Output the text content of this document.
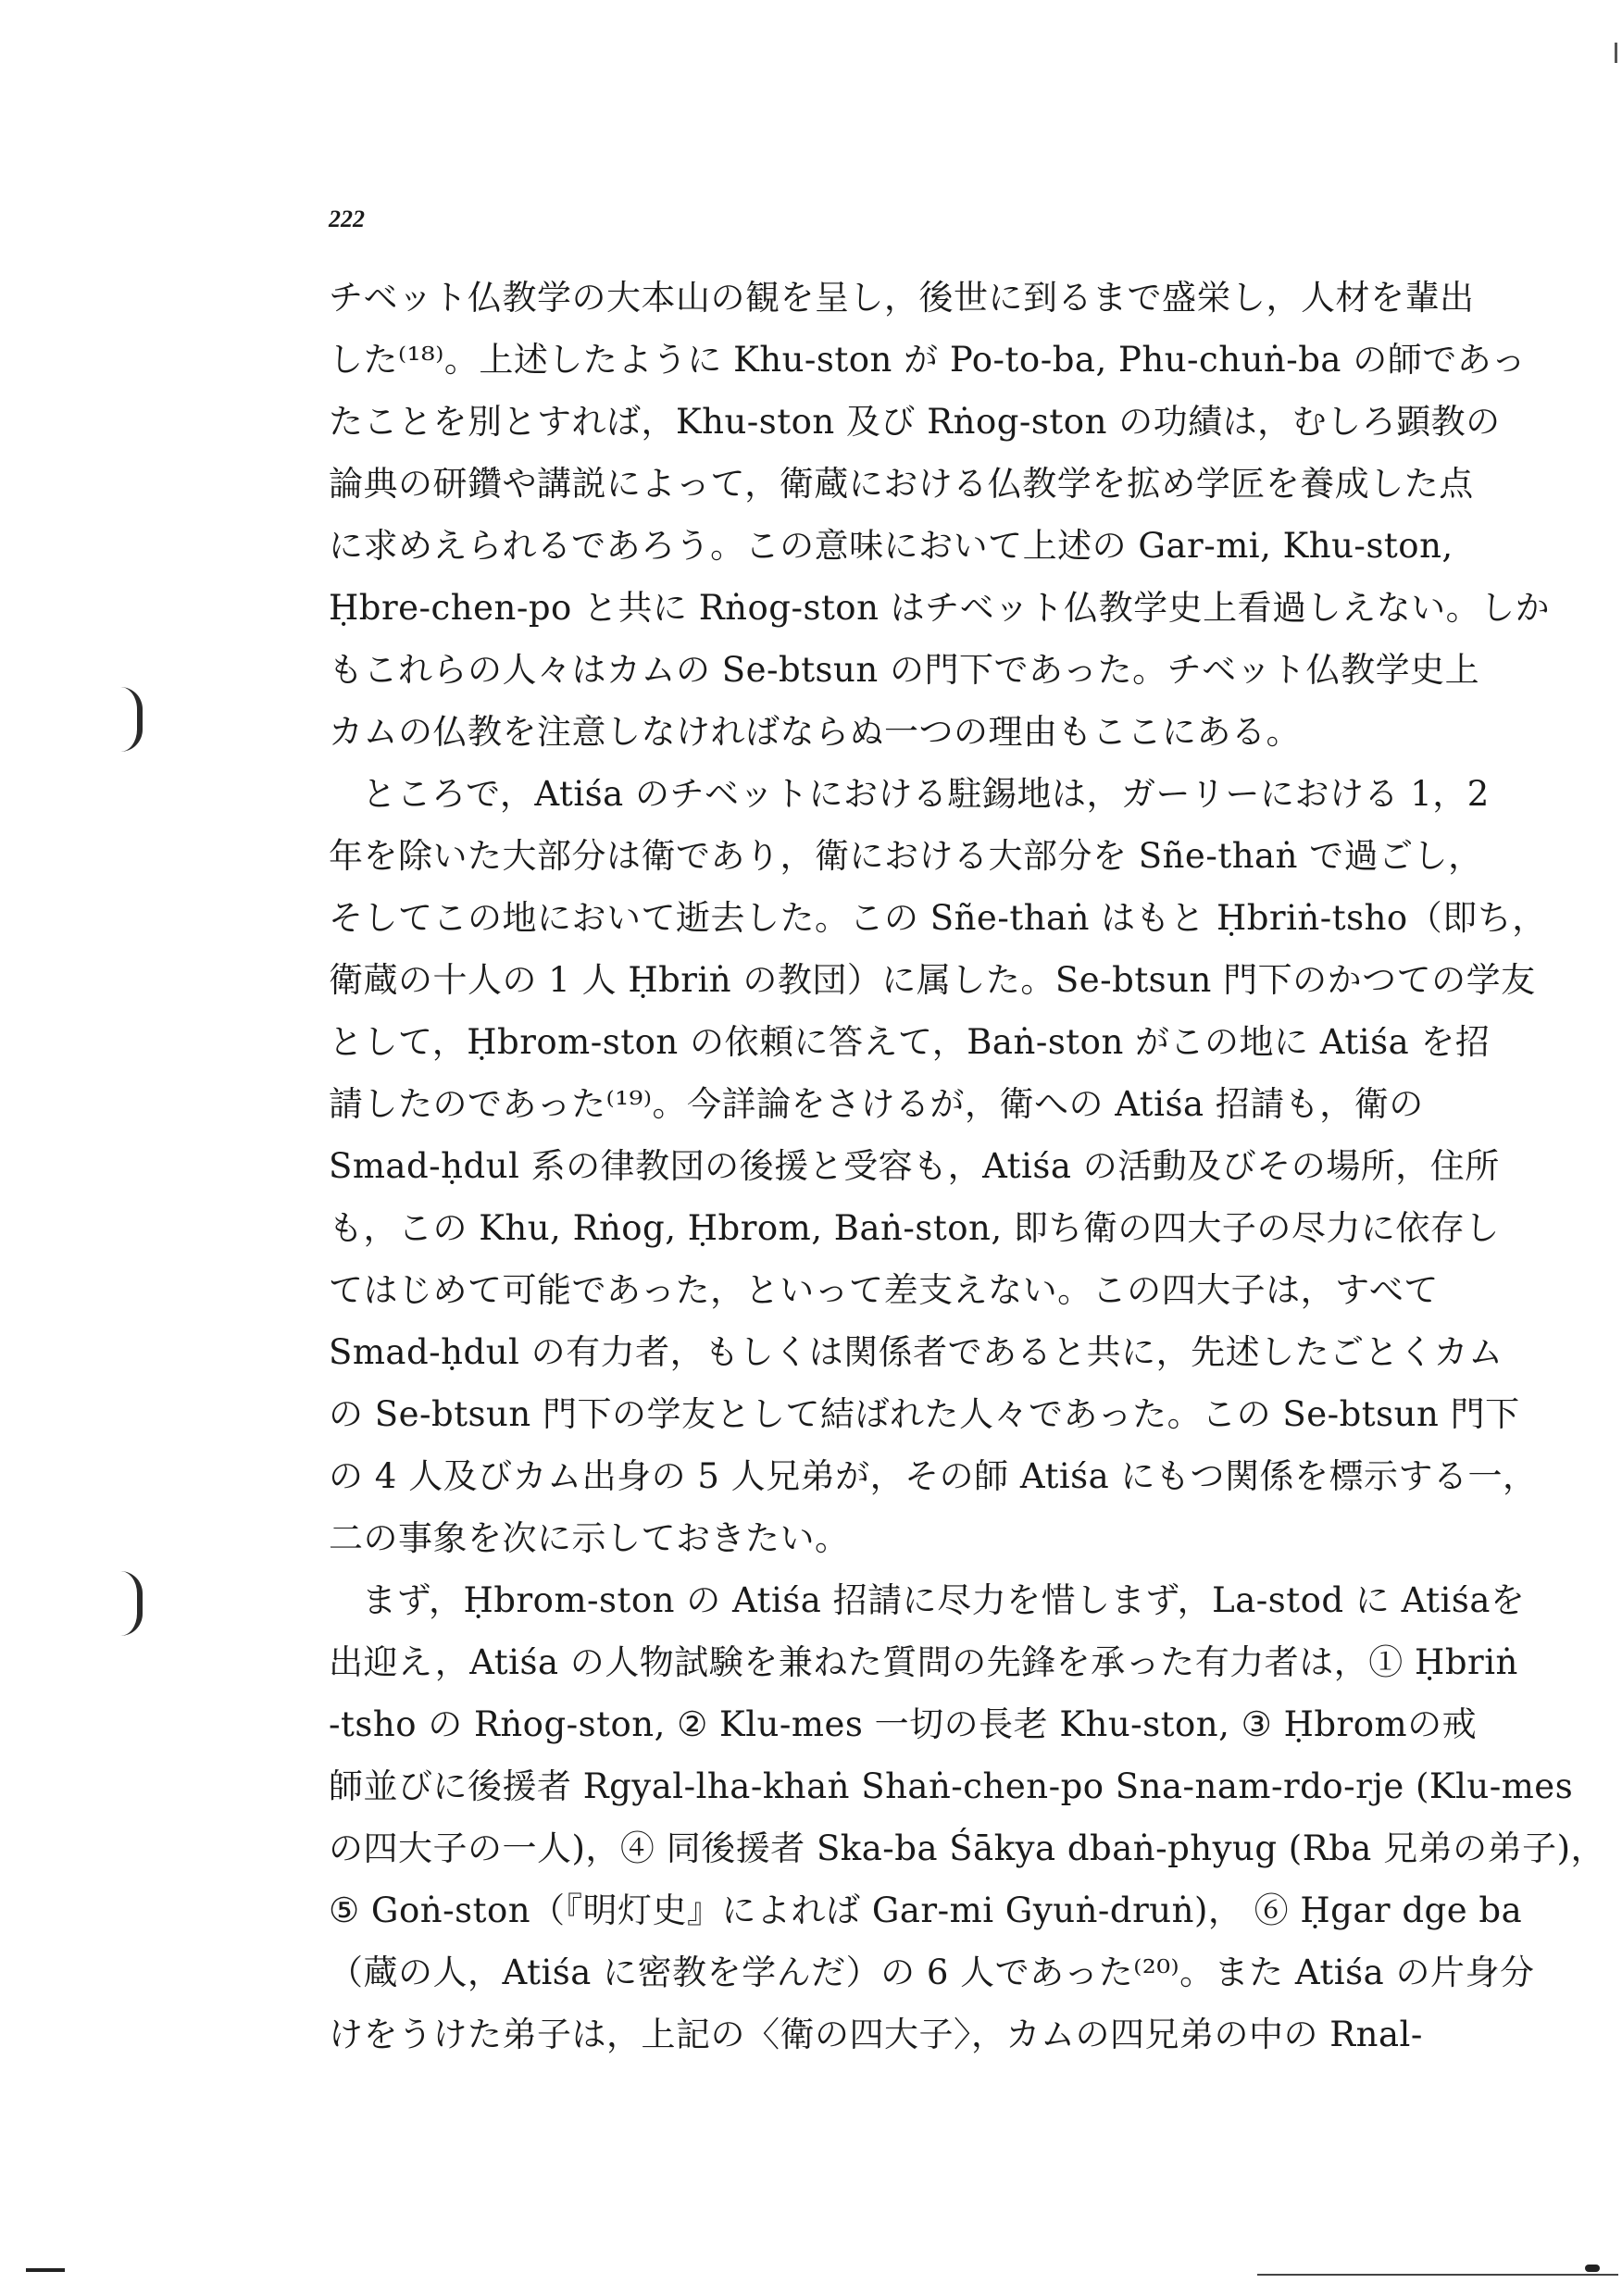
222
チベット仏教学の大本山の観を呈し，後世に到るまで盛栄し，人材を輩出
した⁽¹⁸⁾。上述したように Khu-ston が Po-to-ba, Phu-chuṅ-ba の師であっ
たことを別とすれば，Khu-ston 及び Rṅog-ston の功績は，むしろ顕教の
論典の研鑽や講説によって，衛蔵における仏教学を拡め学匠を養成した点
に求めえられるであろう。この意味において上述の Gar-mi, Khu-ston,
Ḥbre-chen-po と共に Rṅog-ston はチベット仏教学史上看過しえない。しか
もこれらの人々はカムの Se-btsun の門下であった。チベット仏教学史上
カムの仏教を注意しなければならぬ一つの理由もここにある。
ところで，Atiśa のチベットにおける駐錫地は，ガーリーにおける 1，2
年を除いた大部分は衛であり，衛における大部分を Sñe-thaṅ で過ごし，
そしてこの地において逝去した。この Sñe-thaṅ はもと Ḥbriṅ-tsho（即ち，
衛蔵の十人の 1 人 Ḥbriṅ の教団）に属した。Se-btsun 門下のかつての学友
として，Ḥbrom-ston の依頼に答えて，Baṅ-ston がこの地に Atiśa を招
請したのであった⁽¹⁹⁾。今詳論をさけるが，衛への Atiśa 招請も，衛の
Smad-ḥdul 系の律教団の後援と受容も，Atiśa の活動及びその場所，住所
も，この Khu, Rṅog, Ḥbrom, Baṅ-ston, 即ち衛の四大子の尽力に依存し
てはじめて可能であった，といって差支えない。この四大子は，すべて
Smad-ḥdul の有力者，もしくは関係者であると共に，先述したごとくカム
の Se-btsun 門下の学友として結ばれた人々であった。この Se-btsun 門下
の 4 人及びカム出身の 5 人兄弟が，その師 Atiśa にもつ関係を標示する一，
二の事象を次に示しておきたい。
まず，Ḥbrom-ston の Atiśa 招請に尽力を惜しまず，La-stod に Atiśaを
出迎え，Atiśa の人物試験を兼ねた質問の先鋒を承った有力者は，① Ḥbriṅ
-tsho の Rṅog-ston, ② Klu-mes 一切の長老 Khu-ston, ③ Ḥbromの戒
師並びに後援者 Rgyal-lha-khaṅ Shaṅ-chen-po Sna-nam-rdo-rje (Klu-mes
の四大子の一人)，④ 同後援者 Ska-ba Śākya dbaṅ-phyug (Rba 兄弟の弟子)，
⑤ Goṅ-ston（『明灯史』によれば Gar-mi Gyuṅ-druṅ)， ⑥ Ḥgar dge ba
（蔵の人，Atiśa に密教を学んだ）の 6 人であった⁽²⁰⁾。また Atiśa の片身分
けをうけた弟子は，上記の〈衛の四大子〉，カムの四兄弟の中の Rnal-
